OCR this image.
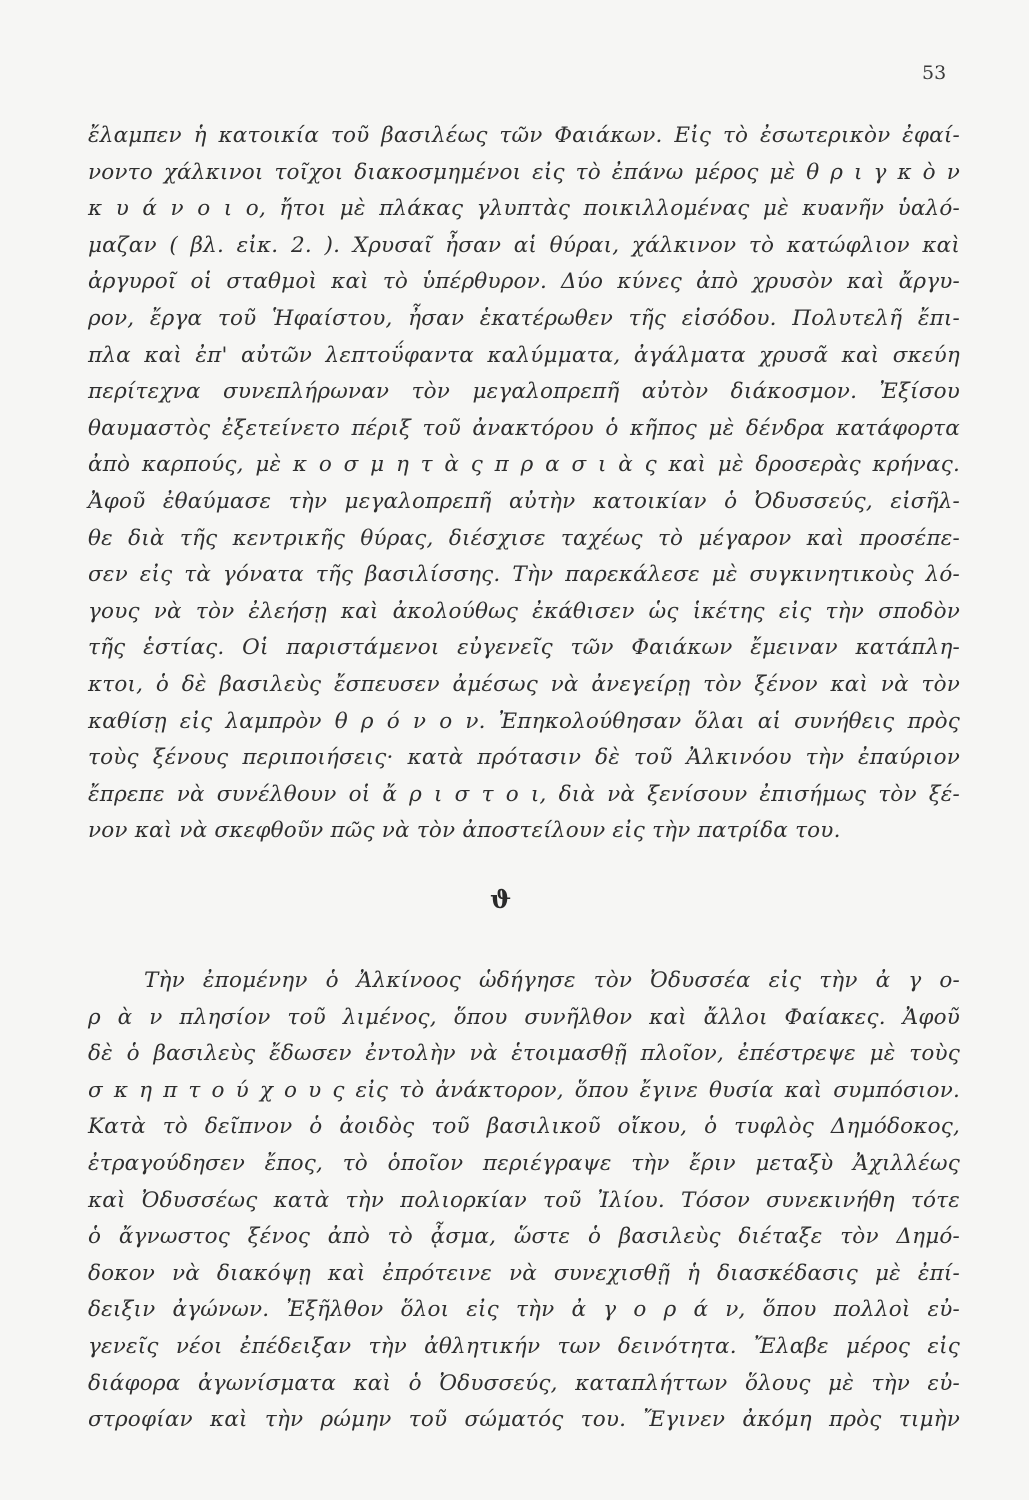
53
ἔλαμπεν ἡ κατοικία τοῦ βασιλέως τῶν Φαιάκων. Εἰς τὸ ἐσωτερικὸν ἐφαί-
νοντο χάλκινοι τοῖχοι διακοσμημένοι εἰς τὸ ἐπάνω μέρος μὲ θ ρ ι γ κ ὸ ν
κ υ ά ν ο ι ο, ἤτοι μὲ πλάκας γλυπτὰς ποικιλλομένας μὲ κυανῆν ὑαλό-
μαζαν ( βλ. εἰκ. 2. ). Χρυσαῖ ἦσαν αἱ θύραι, χάλκινον τὸ κατώφλιον καὶ
ἀργυροῖ οἱ σταθμοὶ καὶ τὸ ὑπέρθυρον. Δύο κύνες ἀπὸ χρυσὸν καὶ ἄργυ-
ρον, ἔργα τοῦ Ἡφαίστου, ἦσαν ἑκατέρωθεν τῆς εἰσόδου. Πολυτελῆ ἔπι-
πλα καὶ ἐπ' αὐτῶν λεπτοΰφαντα καλύμματα, ἀγάλματα χρυσᾶ καὶ σκεύη
περίτεχνα συνεπλήρωναν τὸν μεγαλοπρεπῆ αὐτὸν διάκοσμον. Ἐξίσου
θαυμαστὸς ἐξετείνετο πέριξ τοῦ ἀνακτόρου ὁ κῆπος μὲ δένδρα κατάφορτα
ἀπὸ καρπούς, μὲ κ ο σ μ η τ ὰ ς π ρ α σ ι ὰ ς καὶ μὲ δροσερὰς κρήνας.
Ἀφοῦ ἐθαύμασε τὴν μεγαλοπρεπῆ αὐτὴν κατοικίαν ὁ Ὀδυσσεύς, εἰσῆλ-
θε διὰ τῆς κεντρικῆς θύρας, διέσχισε ταχέως τὸ μέγαρον καὶ προσέπε-
σεν εἰς τὰ γόνατα τῆς βασιλίσσης. Τὴν παρεκάλεσε μὲ συγκινητικοὺς λό-
γους νὰ τὸν ἐλεήσῃ καὶ ἀκολούθως ἐκάθισεν ὡς ἱκέτης εἰς τὴν σποδὸν
τῆς ἑστίας. Οἱ παριστάμενοι εὐγενεῖς τῶν Φαιάκων ἔμειναν κατάπλη-
κτοι, ὁ δὲ βασιλεὺς ἔσπευσεν ἀμέσως νὰ ἀνεγείρῃ τὸν ξένον καὶ νὰ τὸν
καθίσῃ εἰς λαμπρὸν θ ρ ό ν ο ν. Ἐπηκολούθησαν ὅλαι αἱ συνήθεις πρὸς
τοὺς ξένους περιποιήσεις· κατὰ πρότασιν δὲ τοῦ Ἀλκινόου τὴν ἐπαύριον
ἔπρεπε νὰ συνέλθουν οἱ ἄ ρ ι σ τ ο ι, διὰ νὰ ξενίσουν ἐπισήμως τὸν ξέ-
νον καὶ νὰ σκεφθοῦν πῶς νὰ τὸν ἀποστείλουν εἰς τὴν πατρίδα του.
ϑ
Τὴν ἐπομένην ὁ Ἀλκίνοος ὡδήγησε τὸν Ὀδυσσέα εἰς τὴν ἀ γ ο-
ρ ὰ ν πλησίον τοῦ λιμένος, ὅπου συνῆλθον καὶ ἄλλοι Φαίακες. Ἀφοῦ
δὲ ὁ βασιλεὺς ἔδωσεν ἐντολὴν νὰ ἑτοιμασθῇ πλοῖον, ἐπέστρεψε μὲ τοὺς
σ κ η π τ ο ύ χ ο υ ς εἰς τὸ ἀνάκτορον, ὅπου ἔγινε θυσία καὶ συμπόσιον.
Κατὰ τὸ δεῖπνον ὁ ἀοιδὸς τοῦ βασιλικοῦ οἴκου, ὁ τυφλὸς Δημόδοκος,
ἐτραγούδησεν ἔπος, τὸ ὁποῖον περιέγραψε τὴν ἔριν μεταξὺ Ἀχιλλέως
καὶ Ὀδυσσέως κατὰ τὴν πολιορκίαν τοῦ Ἰλίου. Τόσον συνεκινήθη τότε
ὁ ἄγνωστος ξένος ἀπὸ τὸ ᾆσμα, ὥστε ὁ βασιλεὺς διέταξε τὸν Δημό-
δοκον νὰ διακόψῃ καὶ ἐπρότεινε νὰ συνεχισθῇ ἡ διασκέδασις μὲ ἐπί-
δειξιν ἀγώνων. Ἐξῆλθον ὅλοι εἰς τὴν ἀ γ ο ρ ά ν, ὅπου πολλοὶ εὐ-
γενεῖς νέοι ἐπέδειξαν τὴν ἀθλητικήν των δεινότητα. Ἔλαβε μέρος εἰς
διάφορα ἀγωνίσματα καὶ ὁ Ὀδυσσεύς, καταπλήττων ὅλους μὲ τὴν εὐ-
στροφίαν καὶ τὴν ρώμην τοῦ σώματός του. Ἔγινεν ἀκόμη πρὸς τιμὴν
